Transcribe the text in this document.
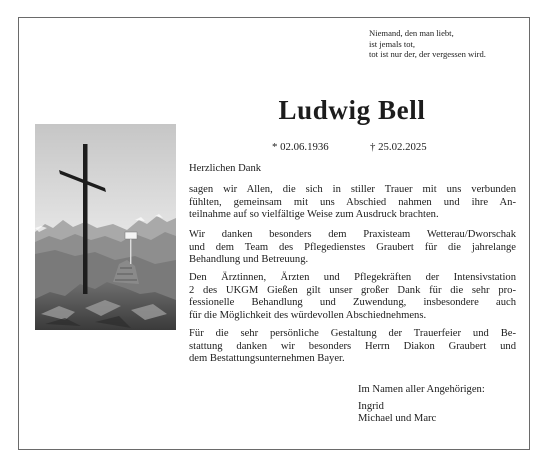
Niemand, den man liebt,
ist jemals tot,
tot ist nur der, der vergessen wird.
Ludwig Bell
* 02.06.1936	† 25.02.2025
Herzlichen Dank
sagen wir Allen, die sich in stiller Trauer mit uns verbunden
fühlten, gemeinsam mit uns Abschied nahmen und ihre An-
teilnahme auf so vielfältige Weise zum Ausdruck brachten.
Wir danken besonders dem Praxisteam Wetterau/Dworschak
und dem Team des Pflegedienstes Graubert für die jahrelange
Behandlung und Betreuung.
Den Ärztinnen, Ärzten und Pflegekräften der Intensivstation
2 des UKGM Gießen gilt unser großer Dank für die sehr pro-
fessionelle Behandlung und Zuwendung, insbesondere auch
für die Möglichkeit des würdevollen Abschiednehmens.
Für die sehr persönliche Gestaltung der Trauerfeier und Be-
stattung danken wir besonders Herrn Diakon Graubert und
dem Bestattungsunternehmen Bayer.
Im Namen aller Angehörigen:
Ingrid
Michael und Marc
